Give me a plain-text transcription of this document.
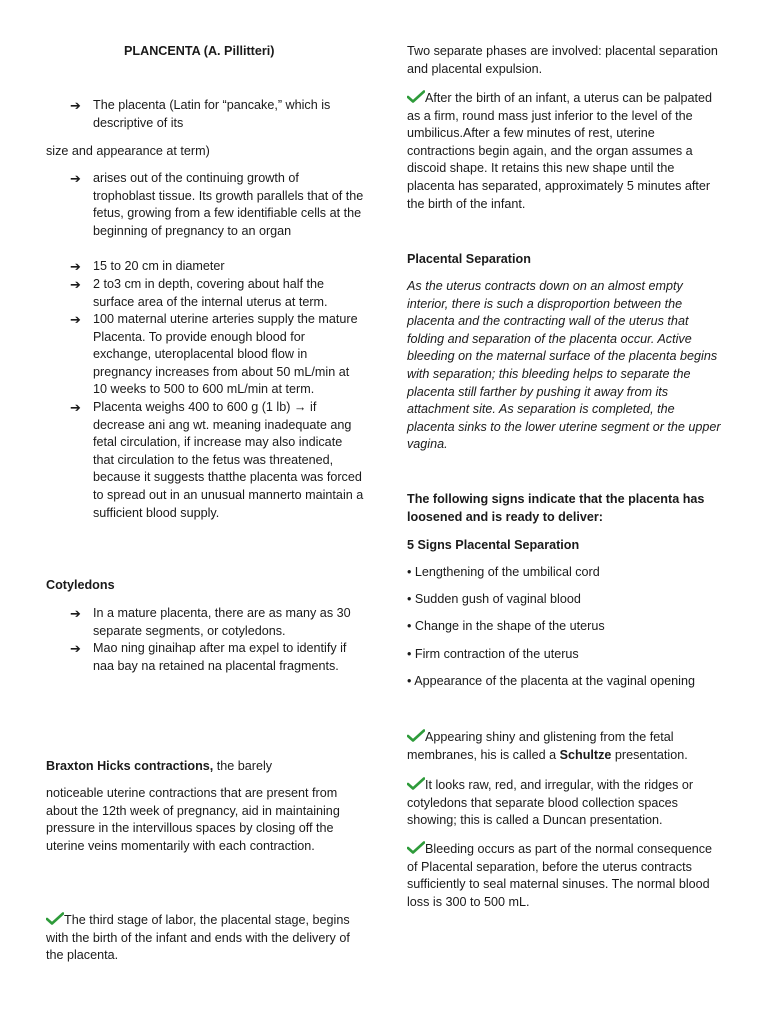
PLANCENTA (A. Pillitteri)

➔ The placenta (Latin for “pancake,” which is descriptive of its

size and appearance at term)

➔ arises out of the continuing growth of trophoblast tissue. Its growth parallels that of the fetus, growing from a few identifiable cells at the beginning of pregnancy to an organ
➔ 15 to 20 cm in diameter
➔ 2 to3 cm in depth, covering about half the surface area of the internal uterus at term.
➔ 100 maternal uterine arteries supply the mature Placenta. To provide enough blood for exchange, uteroplacental blood flow in pregnancy increases from about 50 mL/min at 10 weeks to 500 to 600 mL/min at term.
➔ Placenta weighs 400 to 600 g (1 lb) → if decrease ani ang wt. meaning inadequate ang fetal circulation, if increase may also indicate that circulation to the fetus was threatened, because it suggests thatthe placenta was forced to spread out in an unusual mannerto maintain a sufficient blood supply.

Cotyledons

➔ In a mature placenta, there are as many as 30 separate segments, or cotyledons.
➔ Mao ning ginaihap after ma expel to identify if naa bay na retained na placental fragments.

Braxton Hicks contractions, the barely

noticeable uterine contractions that are present from about the 12th week of pregnancy, aid in maintaining pressure in the intervillous spaces by closing off the uterine veins momentarily with each contraction.

The third stage of labor, the placental stage, begins with the birth of the infant and ends with the delivery of the placenta.

Two separate phases are involved: placental separation and placental expulsion.

After the birth of an infant, a uterus can be palpated as a firm, round mass just inferior to the level of the umbilicus.After a few minutes of rest, uterine contractions begin again, and the organ assumes a discoid shape. It retains this new shape until the placenta has separated, approximately 5 minutes after the birth of the infant.

Placental Separation

As the uterus contracts down on an almost empty interior, there is such a disproportion between the placenta and the contracting wall of the uterus that folding and separation of the placenta occur. Active bleeding on the maternal surface of the placenta begins with separation; this bleeding helps to separate the placenta still farther by pushing it away from its attachment site. As separation is completed, the placenta sinks to the lower uterine segment or the upper vagina.

The following signs indicate that the placenta has loosened and is ready to deliver:

5 Signs Placental Separation

• Lengthening of the umbilical cord

• Sudden gush of vaginal blood

• Change in the shape of the uterus

• Firm contraction of the uterus

• Appearance of the placenta at the vaginal opening

Appearing shiny and glistening from the fetal membranes, his is called a Schultze presentation.

It looks raw, red, and irregular, with the ridges or cotyledons that separate blood collection spaces showing; this is called a Duncan presentation.

Bleeding occurs as part of the normal consequence of Placental separation, before the uterus contracts sufficiently to seal maternal sinuses. The normal blood loss is 300 to 500 mL.
